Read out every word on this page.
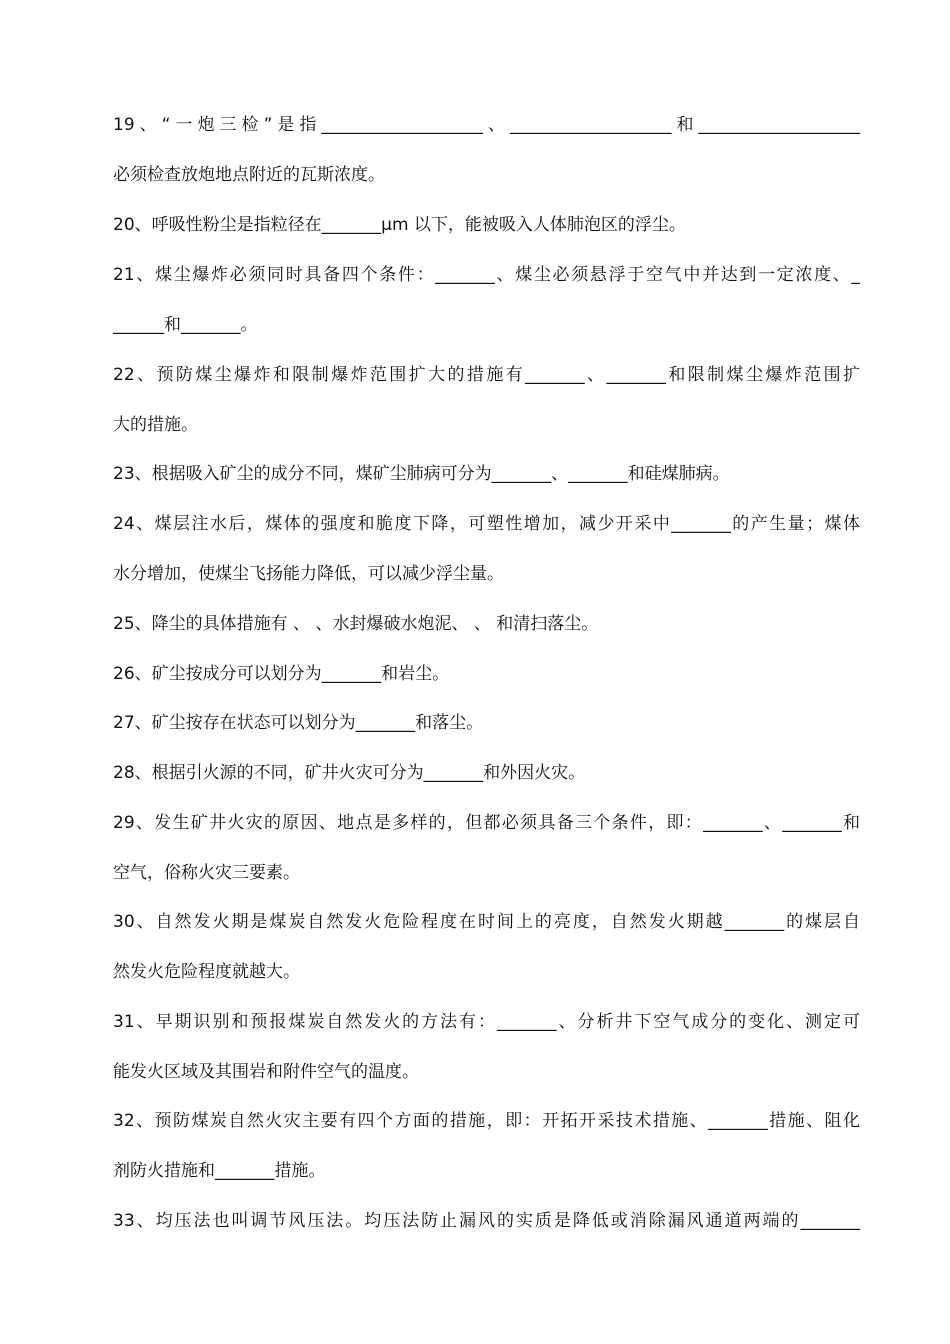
19、“一炮三检”是指___________________、___________________和___________________
必须检查放炮地点附近的瓦斯浓度。
20、呼吸性粉尘是指粒径在_______µm 以下，能被吸入人体肺泡区的浮尘。
21、煤尘爆炸必须同时具备四个条件：_______、煤尘必须悬浮于空气中并达到一定浓度、_
______和_______。
22、预防煤尘爆炸和限制爆炸范围扩大的措施有_______、_______和限制煤尘爆炸范围扩
大的措施。
23、根据吸入矿尘的成分不同，煤矿尘肺病可分为_______、_______和硅煤肺病。
24、煤层注水后，煤体的强度和脆度下降，可塑性增加，减少开采中_______的产生量；煤体
水分增加，使煤尘飞扬能力降低，可以减少浮尘量。
25、降尘的具体措施有 、 、水封爆破水炮泥、 、 和清扫落尘。
26、矿尘按成分可以划分为_______和岩尘。
27、矿尘按存在状态可以划分为_______和落尘。
28、根据引火源的不同，矿井火灾可分为_______和外因火灾。
29、发生矿井火灾的原因、地点是多样的，但都必须具备三个条件，即：_______、_______和
空气，俗称火灾三要素。
30、自然发火期是煤炭自然发火危险程度在时间上的亮度，自然发火期越_______的煤层自
然发火危险程度就越大。
31、早期识别和预报煤炭自然发火的方法有：_______、分析井下空气成分的变化、测定可
能发火区域及其围岩和附件空气的温度。
32、预防煤炭自然火灾主要有四个方面的措施，即：开拓开采技术措施、_______措施、阻化
剂防火措施和_______措施。
33、均压法也叫调节风压法。均压法防止漏风的实质是降低或消除漏风通道两端的_______
